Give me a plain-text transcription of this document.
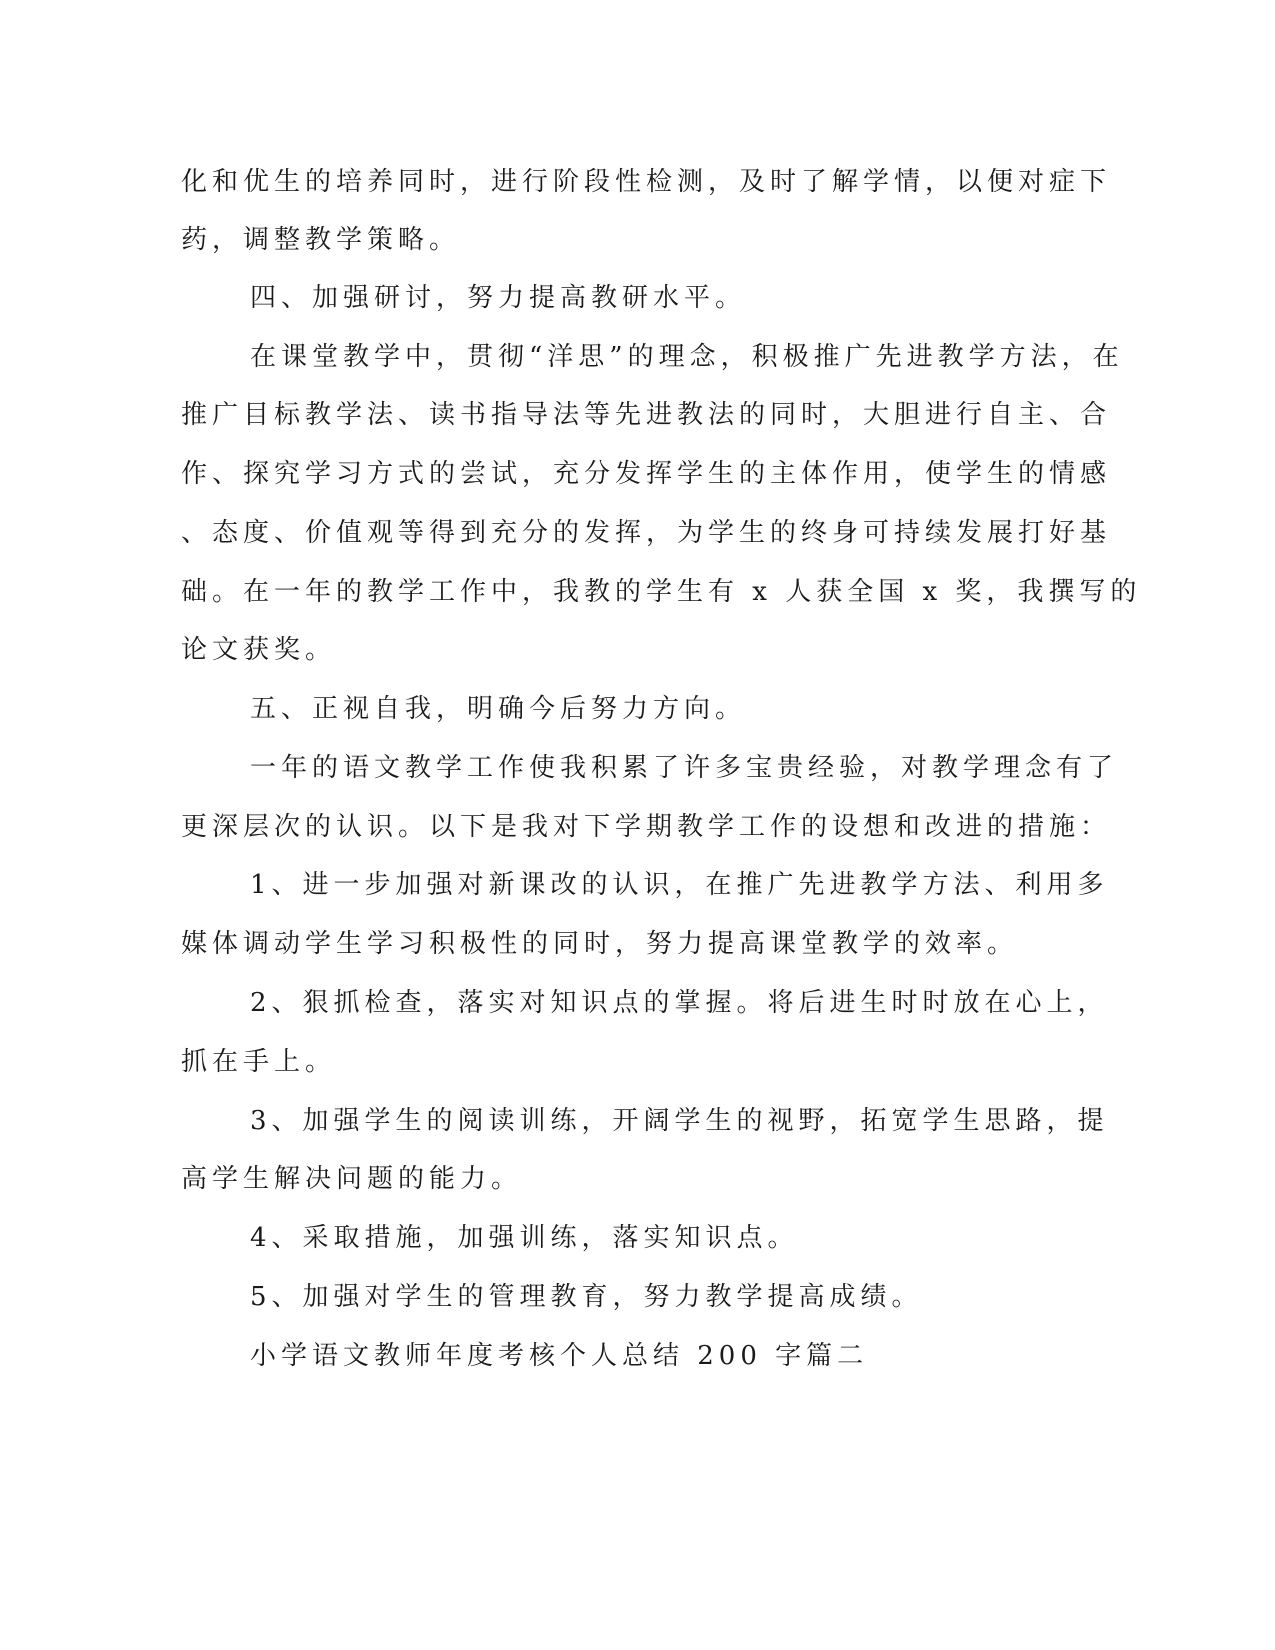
化和优生的培养同时，进行阶段性检测，及时了解学情，以便对症下
药，调整教学策略。
四、加强研讨，努力提高教研水平。
在课堂教学中，贯彻“洋思”的理念，积极推广先进教学方法，在
推广目标教学法、读书指导法等先进教法的同时，大胆进行自主、合
作、探究学习方式的尝试，充分发挥学生的主体作用，使学生的情感
、态度、价值观等得到充分的发挥，为学生的终身可持续发展打好基
础。在一年的教学工作中，我教的学生有 x 人获全国 x 奖，我撰写的
论文获奖。
五、正视自我，明确今后努力方向。
一年的语文教学工作使我积累了许多宝贵经验，对教学理念有了
更深层次的认识。以下是我对下学期教学工作的设想和改进的措施：
1、进一步加强对新课改的认识，在推广先进教学方法、利用多
媒体调动学生学习积极性的同时，努力提高课堂教学的效率。
2、狠抓检查，落实对知识点的掌握。将后进生时时放在心上，
抓在手上。
3、加强学生的阅读训练，开阔学生的视野，拓宽学生思路，提
高学生解决问题的能力。
4、采取措施，加强训练，落实知识点。
5、加强对学生的管理教育，努力教学提高成绩。
小学语文教师年度考核个人总结 200 字篇二
